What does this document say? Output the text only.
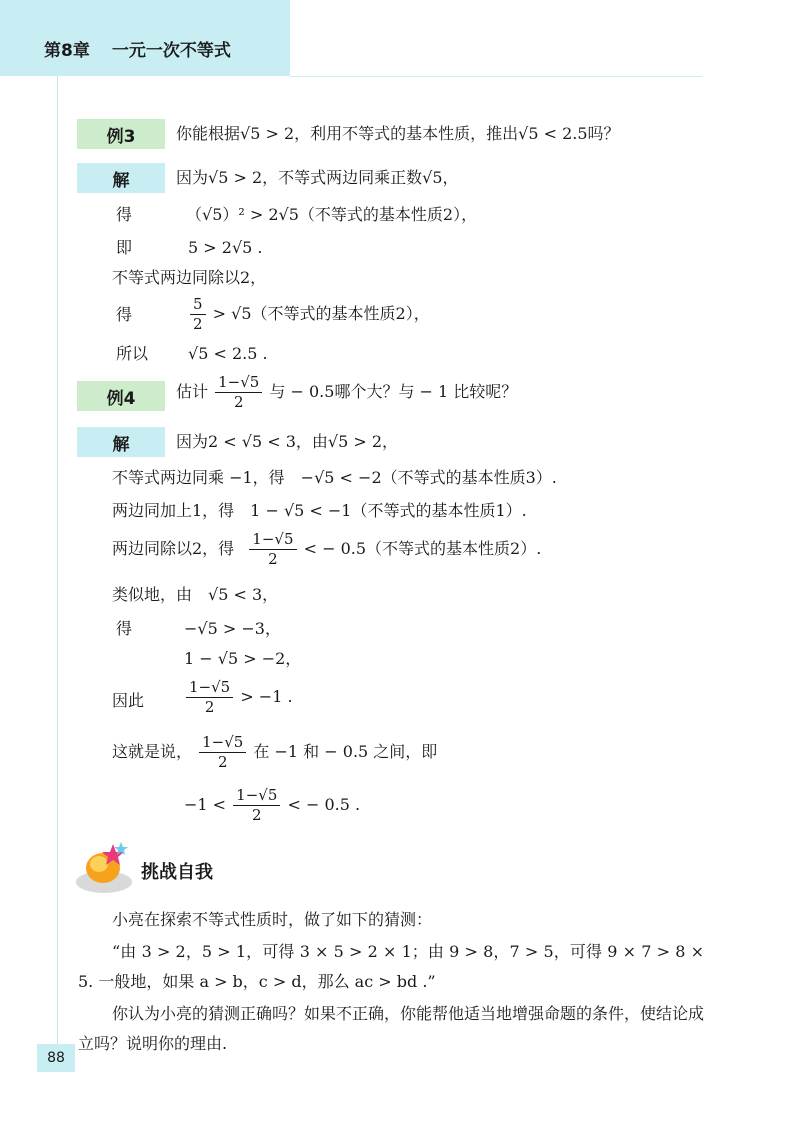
第8章 一元一次不等式
例3	你能根据√5 > 2，利用不等式的基本性质，推出√5 < 2.5吗？
解	因为√5 > 2，不等式两边同乘正数√5，
得	（√5）² > 2√5（不等式的基本性质2），
即	5 > 2√5 .
不等式两边同除以2，
得	$\frac{5}{2} > √5$（不等式的基本性质2），
所以 √5 < 2.5 .
例4	估计 $\frac{1-√5}{2}$ 与 − 0.5哪个大？与 − 1 比较呢？
解	因为2 < √5 < 3，由√5 > 2，
不等式两边同乘 −1，得　−√5 < −2（不等式的基本性质3）.
两边同加上1，得　1 − √5 < −1（不等式的基本性质1）.
两边同除以2，得 $\frac{1-√5}{2}$ < − 0.5（不等式的基本性质2）.
类似地，由　√5 < 3，
得	−√5 > −3，
1 − √5 > −2，
因此	$\frac{1-√5}{2} > -1$ .
这就是说， $\frac{1-√5}{2}$ 在 −1 和 − 0.5 之间，即
$-1 < \frac{1-√5}{2}$ < − 0.5 .
挑战自我
小亮在探索不等式性质时，做了如下的猜测：
“由 3 > 2，5 > 1，可得 3 × 5 > 2 × 1；由 9 > 8，7 > 5，可得 9 × 7 > 8 × 5. 一般地，如果 a > b，c > d，那么 ac > bd .”
你认为小亮的猜测正确吗？如果不正确，你能帮他适当地增强命题的条件，使结论成立吗？说明你的理由.
88
